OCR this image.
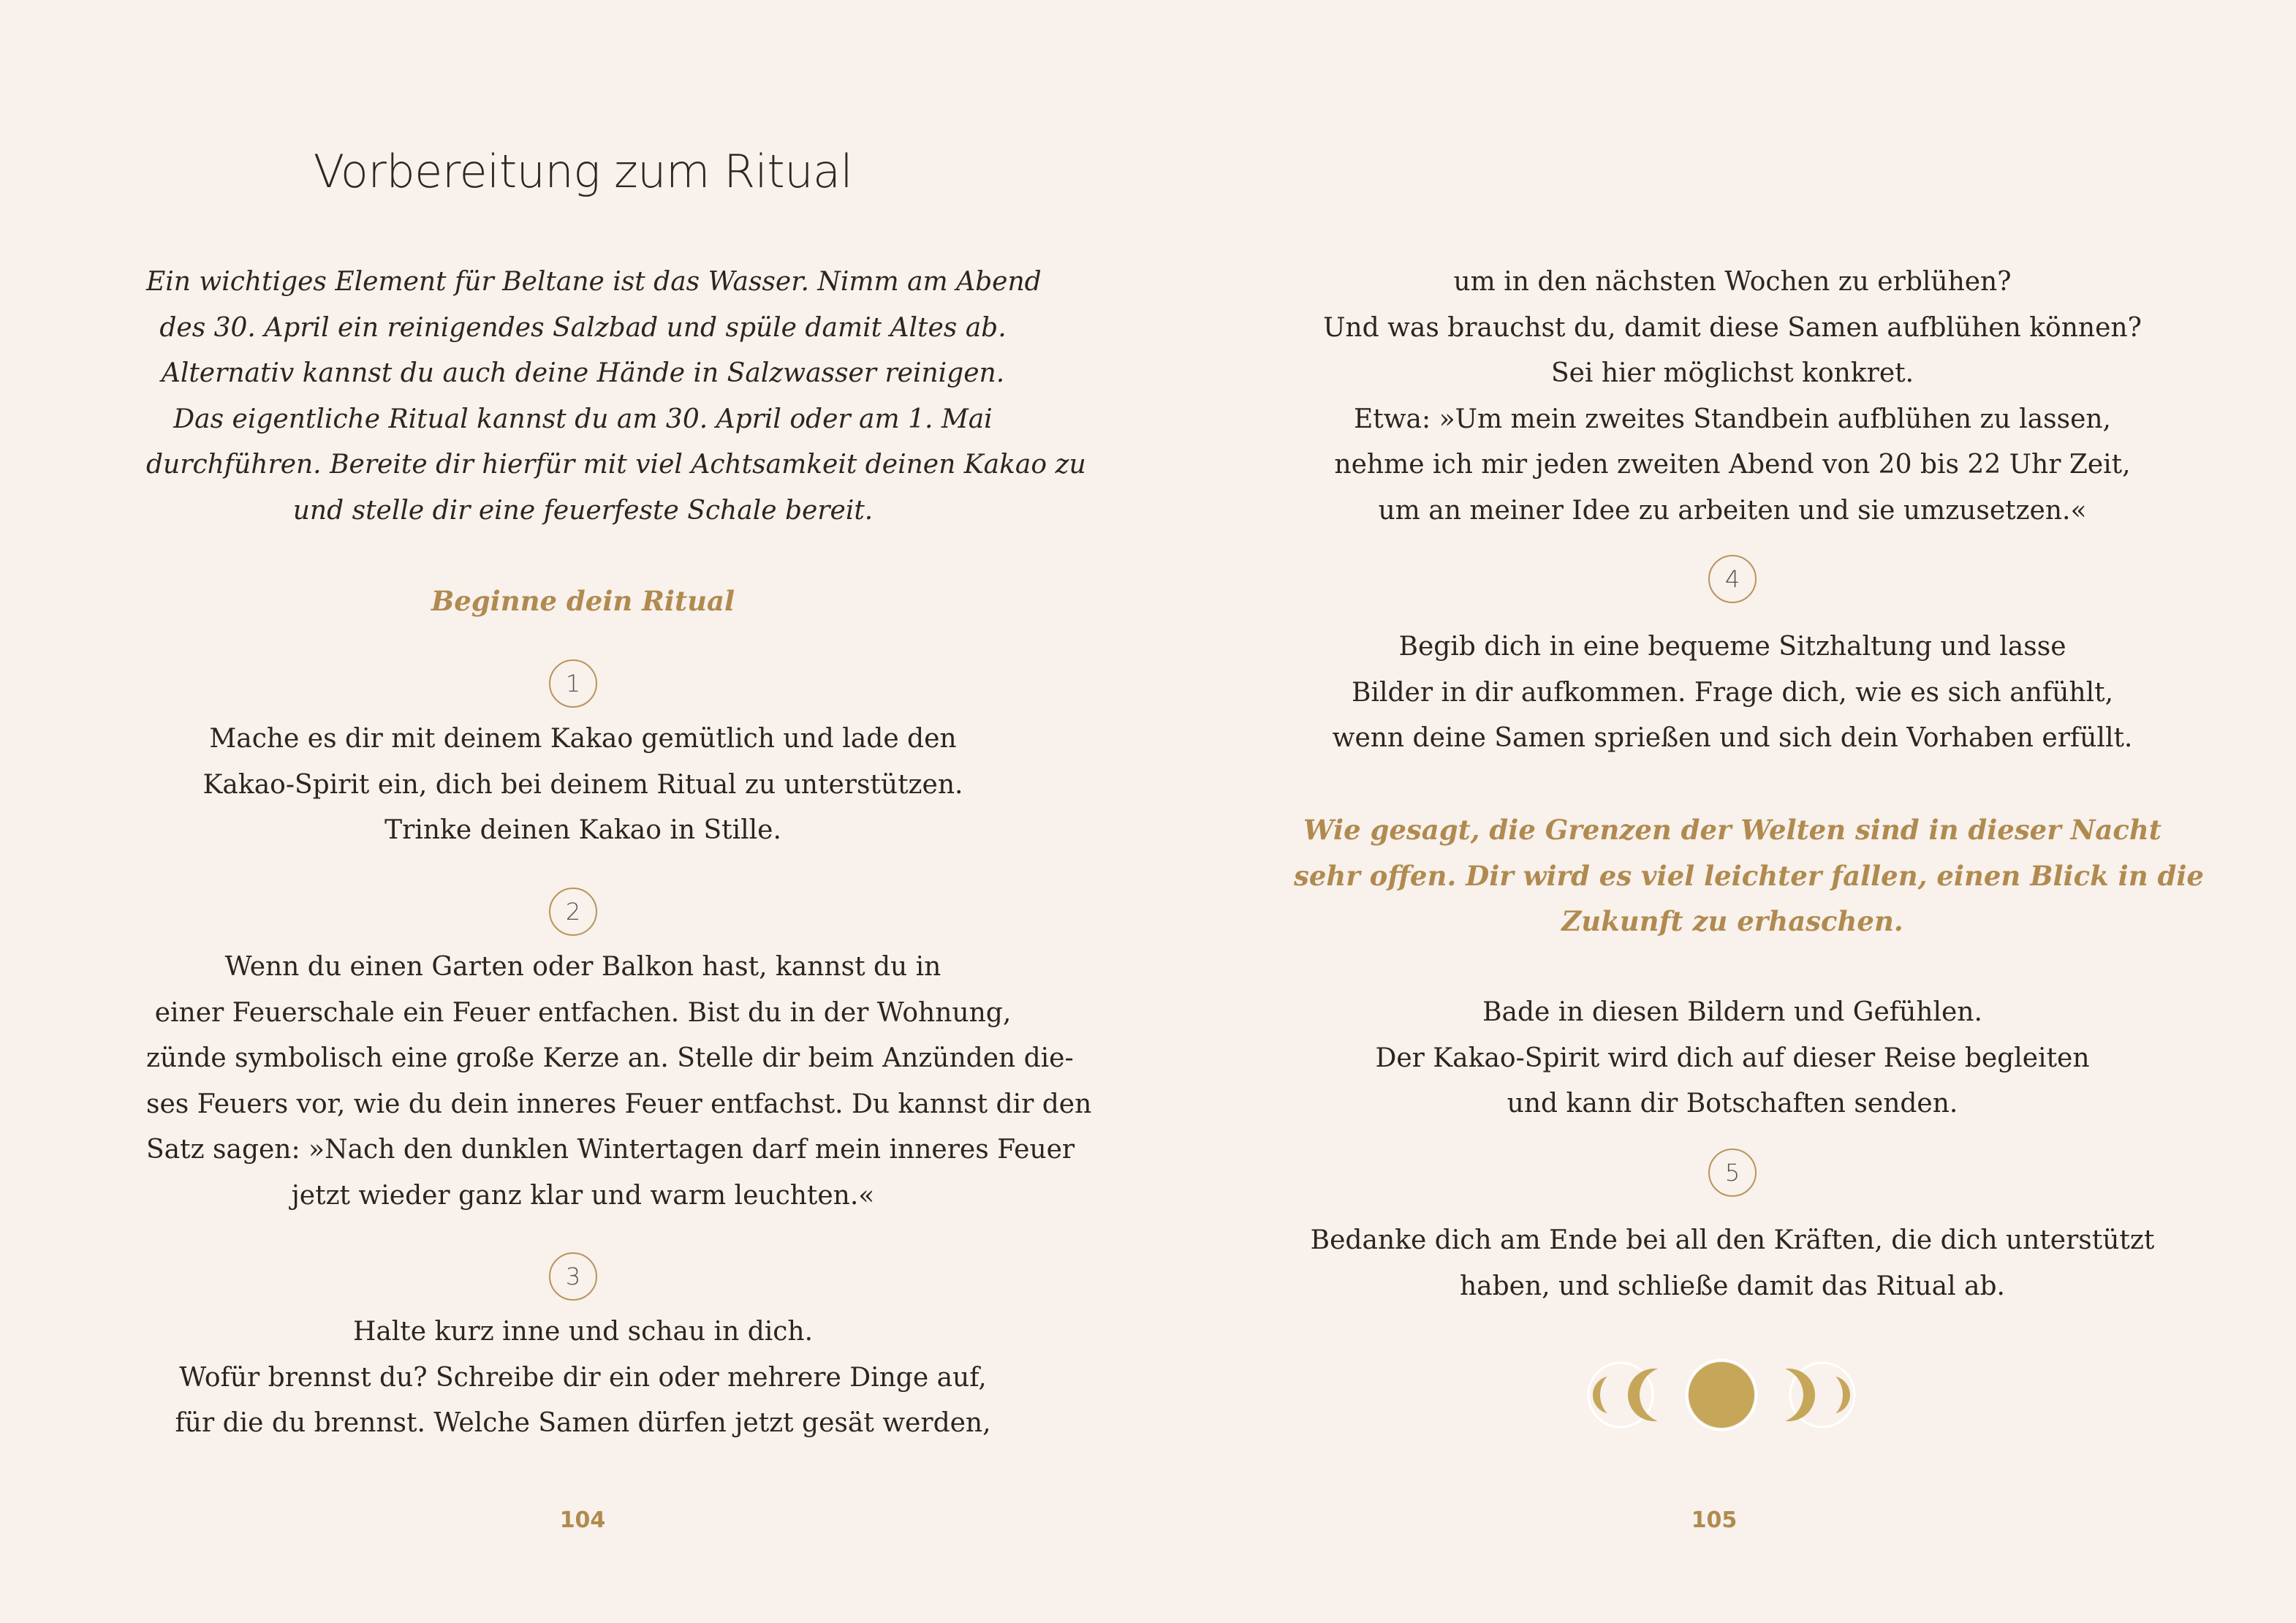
Vorbereitung zum Ritual

Ein wichtiges Element für Beltane ist das Wasser. Nimm am Abend
des 30. April ein reinigendes Salzbad und spüle damit Altes ab.
Alternativ kannst du auch deine Hände in Salzwasser reinigen.
Das eigentliche Ritual kannst du am 30. April oder am 1. Mai
durchführen. Bereite dir hierfür mit viel Achtsamkeit deinen Kakao zu
und stelle dir eine feuerfeste Schale bereit.

Beginne dein Ritual

1

Mache es dir mit deinem Kakao gemütlich und lade den
Kakao-Spirit ein, dich bei deinem Ritual zu unterstützen.
Trinke deinen Kakao in Stille.

2

Wenn du einen Garten oder Balkon hast, kannst du in
einer Feuerschale ein Feuer entfachen. Bist du in der Wohnung,
zünde symbolisch eine große Kerze an. Stelle dir beim Anzünden die-
ses Feuers vor, wie du dein inneres Feuer entfachst. Du kannst dir den
Satz sagen: »Nach den dunklen Wintertagen darf mein inneres Feuer
jetzt wieder ganz klar und warm leuchten.«

3

Halte kurz inne und schau in dich.
Wofür brennst du? Schreibe dir ein oder mehrere Dinge auf,
für die du brennst. Welche Samen dürfen jetzt gesät werden,

104

um in den nächsten Wochen zu erblühen?
Und was brauchst du, damit diese Samen aufblühen können?
Sei hier möglichst konkret.
Etwa: »Um mein zweites Standbein aufblühen zu lassen,
nehme ich mir jeden zweiten Abend von 20 bis 22 Uhr Zeit,
um an meiner Idee zu arbeiten und sie umzusetzen.«

4

Begib dich in eine bequeme Sitzhaltung und lasse
Bilder in dir aufkommen. Frage dich, wie es sich anfühlt,
wenn deine Samen sprießen und sich dein Vorhaben erfüllt.

Wie gesagt, die Grenzen der Welten sind in dieser Nacht
sehr offen. Dir wird es viel leichter fallen, einen Blick in die
Zukunft zu erhaschen.

Bade in diesen Bildern und Gefühlen.
Der Kakao-Spirit wird dich auf dieser Reise begleiten
und kann dir Botschaften senden.

5

Bedanke dich am Ende bei all den Kräften, die dich unterstützt
haben, und schließe damit das Ritual ab.

105
